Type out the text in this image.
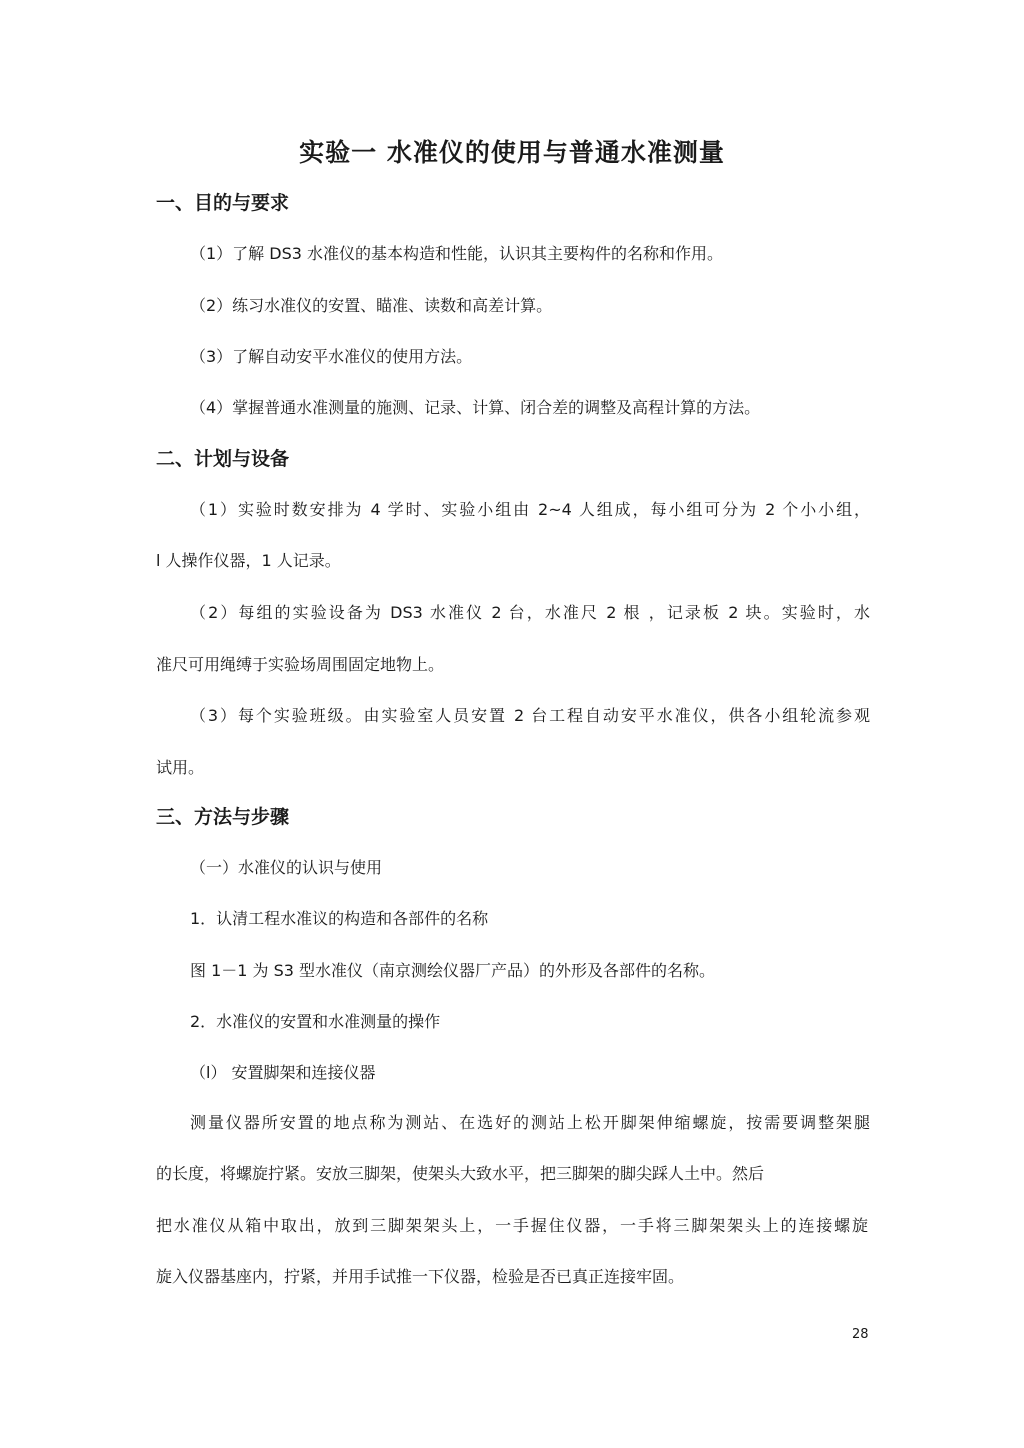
实验一 水准仪的使用与普通水准测量
一、目的与要求

（1）了解 DS3 水准仪的基本构造和性能，认识其主要构件的名称和作用。

（2）练习水准仪的安置、瞄准、读数和高差计算。

（3）了解自动安平水准仪的使用方法。

（4）掌握普通水准测量的施测、记录、计算、闭合差的调整及高程计算的方法。

二、计划与设备

（1）实验时数安排为 4 学时、实验小组由 2~4 人组成，每小组可分为 2 个小小组，

l 人操作仪器，1 人记录。

（2）每组的实验设备为 DS3 水准仪 2 台，水准尺 2 根 ，记录板 2 块。实验时，水

准尺可用绳缚于实验场周围固定地物上。

（3）每个实验班级。由实验室人员安置 2 台工程自动安平水准仪，供各小组轮流参观

试用。

三、方法与步骤

（一）水准仪的认识与使用

1．认清工程水准议的构造和各部件的名称

图 1－1 为 S3 型水准仪（南京测绘仪器厂产品）的外形及各部件的名称。

2．水准仪的安置和水准测量的操作

（l） 安置脚架和连接仪器

测量仪器所安置的地点称为测站、在选好的测站上松开脚架伸缩螺旋，按需要调整架腿

的长度，将螺旋拧紧。安放三脚架，使架头大致水平，把三脚架的脚尖踩人土中。然后

把水准仪从箱中取出，放到三脚架架头上，一手握住仪器，一手将三脚架架头上的连接螺旋

旋入仪器基座内，拧紧，并用手试推一下仪器，检验是否已真正连接牢固。

28
